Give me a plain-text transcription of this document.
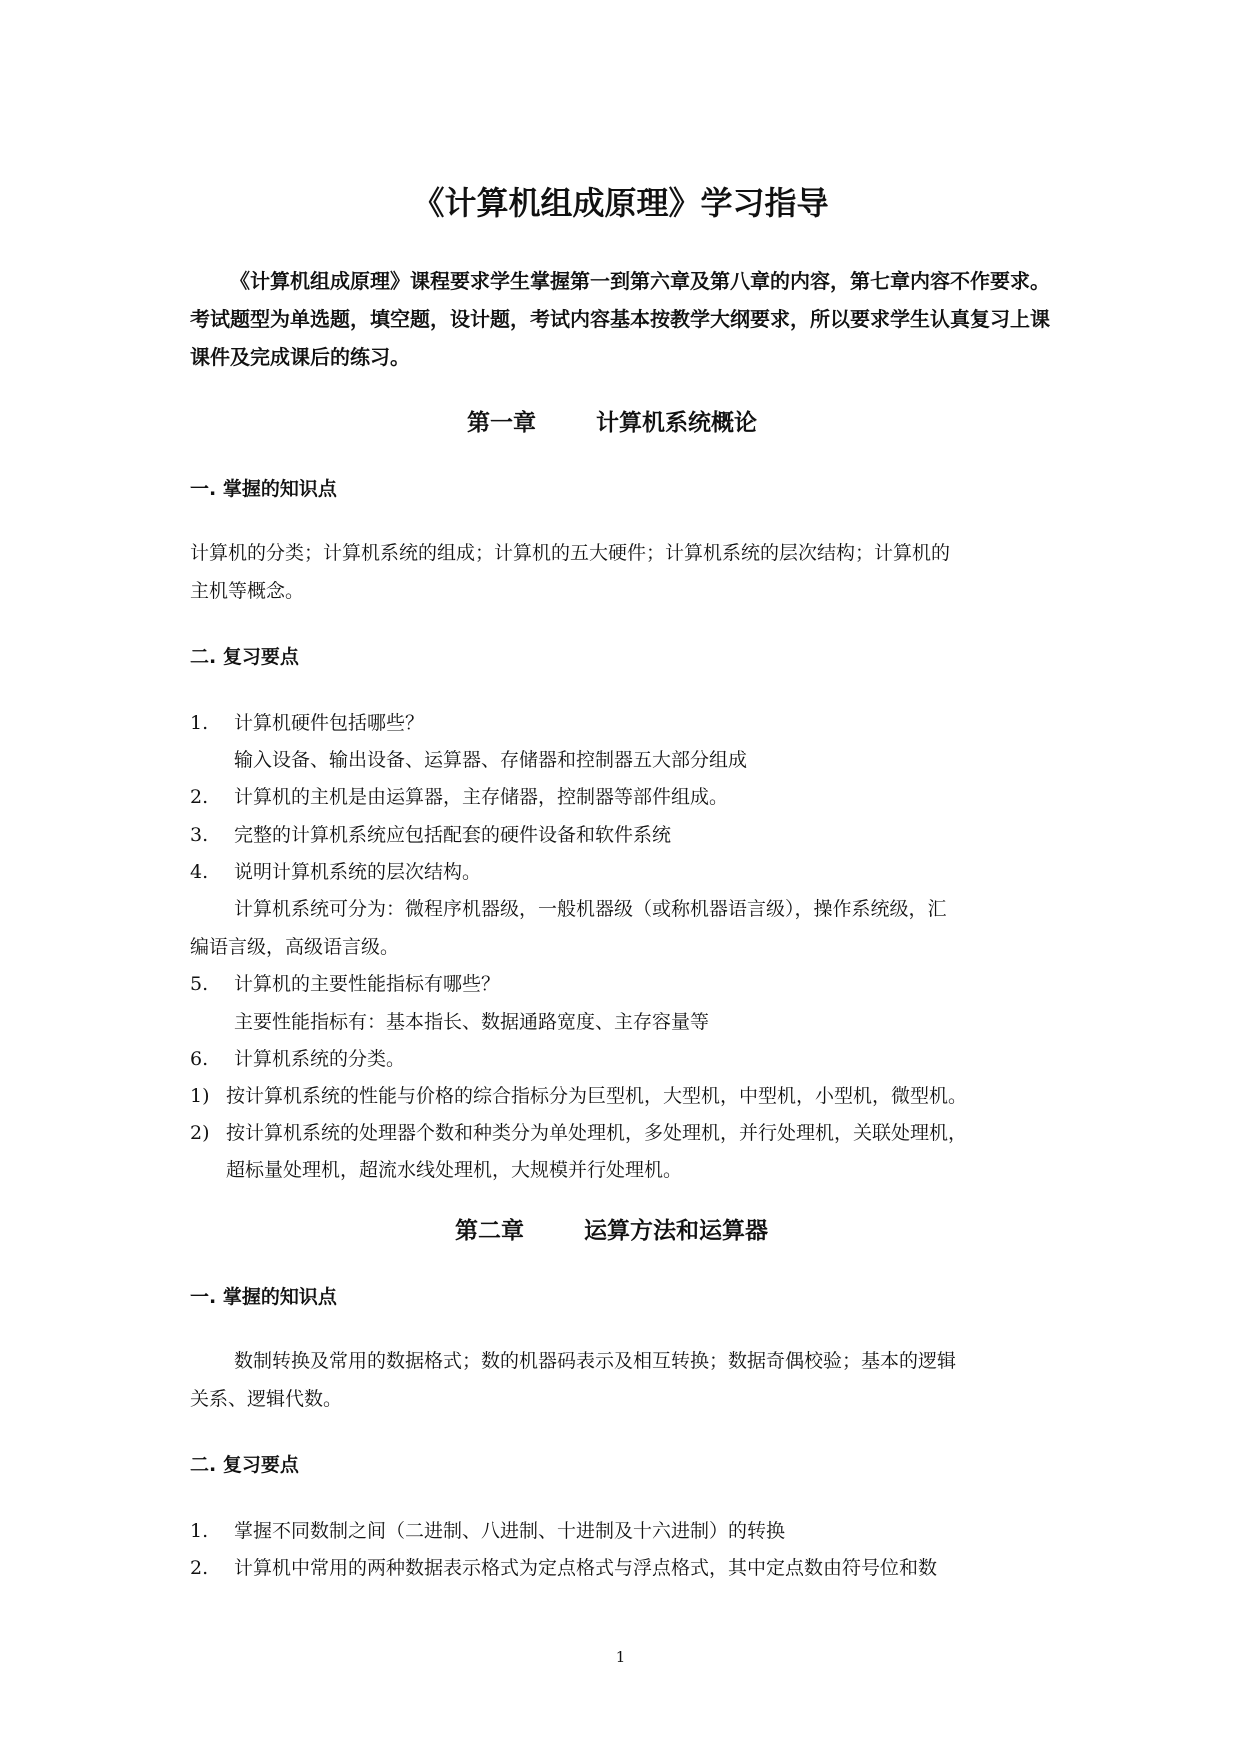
《计算机组成原理》学习指导
《计算机组成原理》课程要求学生掌握第一到第六章及第八章的内容，第七章内容不作要求。考试题型为单选题，填空题，设计题，考试内容基本按教学大纲要求，所以要求学生认真复习上课课件及完成课后的练习。
第一章	计算机系统概论
一. 掌握的知识点
计算机的分类；计算机系统的组成；计算机的五大硬件；计算机系统的层次结构；计算机的
主机等概念。
二. 复习要点
1. 计算机硬件包括哪些？
输入设备、输出设备、运算器、存储器和控制器五大部分组成
2. 计算机的主机是由运算器，主存储器，控制器等部件组成。
3. 完整的计算机系统应包括配套的硬件设备和软件系统
4. 说明计算机系统的层次结构。
计算机系统可分为：微程序机器级，一般机器级（或称机器语言级），操作系统级，汇
编语言级，高级语言级。
5. 计算机的主要性能指标有哪些？
主要性能指标有：基本指长、数据通路宽度、主存容量等
6. 计算机系统的分类。
1) 按计算机系统的性能与价格的综合指标分为巨型机，大型机，中型机，小型机，微型机。
2) 按计算机系统的处理器个数和种类分为单处理机，多处理机，并行处理机，关联处理机，
超标量处理机，超流水线处理机，大规模并行处理机。
第二章	运算方法和运算器
一. 掌握的知识点
数制转换及常用的数据格式；数的机器码表示及相互转换；数据奇偶校验；基本的逻辑
关系、逻辑代数。
二. 复习要点
1. 掌握不同数制之间（二进制、八进制、十进制及十六进制）的转换
2. 计算机中常用的两种数据表示格式为定点格式与浮点格式，其中定点数由符号位和数
1
